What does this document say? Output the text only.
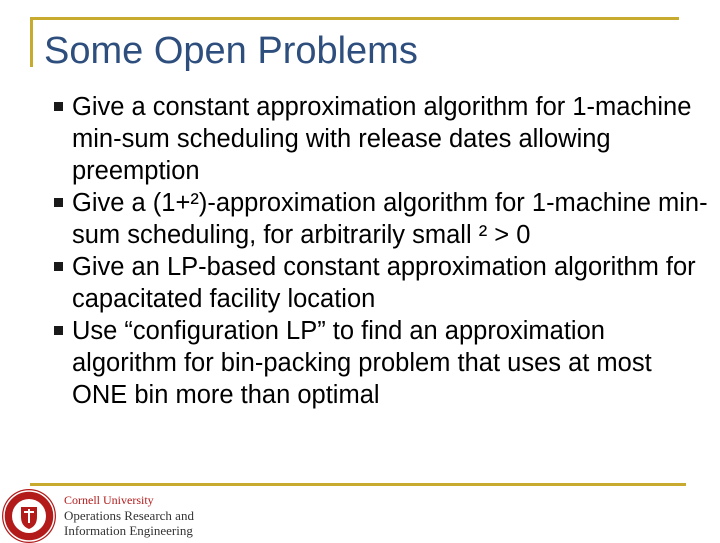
Some Open Problems
Give a constant approximation algorithm for 1-machine min-sum scheduling with release dates allowing preemption
Give a (1+²)-approximation algorithm for 1-machine min-sum scheduling, for arbitrarily small ² > 0
Give an LP-based constant approximation algorithm for capacitated facility location
Use “configuration LP” to find an approximation algorithm for bin-packing problem that uses at most ONE bin more than optimal
Cornell University
Operations Research and
Information Engineering
